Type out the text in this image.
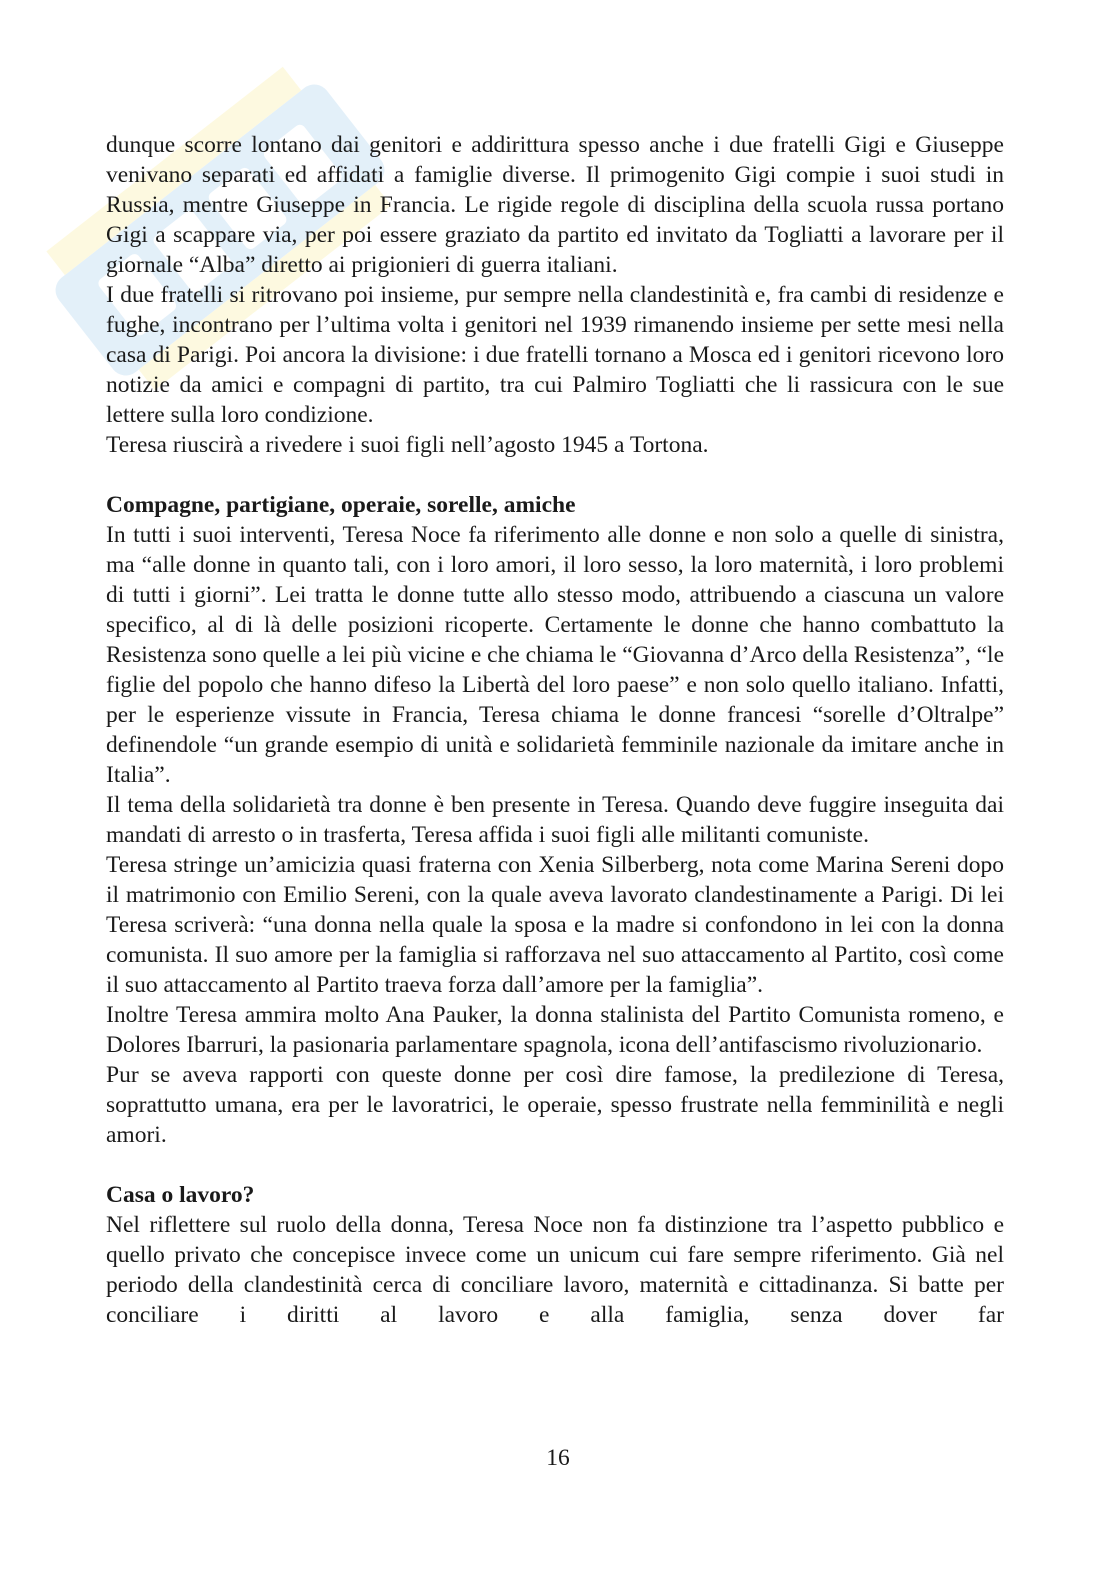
dunque scorre lontano dai genitori e addirittura spesso anche i due fratelli Gigi e Giuseppe venivano separati ed affidati a famiglie diverse. Il primogenito Gigi compie i suoi studi in Russia, mentre Giuseppe in Francia. Le rigide regole di disciplina della scuola russa portano Gigi a scappare via, per poi essere graziato da partito ed invitato da Togliatti a lavorare per il giornale “Alba” diretto ai prigionieri di guerra italiani.

I due fratelli si ritrovano poi insieme, pur sempre nella clandestinità e, fra cambi di residenze e fughe, incontrano per l’ultima volta i genitori nel 1939 rimanendo insieme per sette mesi nella casa di Parigi. Poi ancora la divisione: i due fratelli tornano a Mosca ed i genitori ricevono loro notizie da amici e compagni di partito, tra cui Palmiro Togliatti che li rassicura con le sue lettere sulla loro condizione.

Teresa riuscirà a rivedere i suoi figli nell’agosto 1945 a Tortona.

Compagne, partigiane, operaie, sorelle, amiche

In tutti i suoi interventi, Teresa Noce fa riferimento alle donne e non solo a quelle di sinistra, ma “alle donne in quanto tali, con i loro amori, il loro sesso, la loro maternità, i loro problemi di tutti i giorni”. Lei tratta le donne tutte allo stesso modo, attribuendo a ciascuna un valore specifico, al di là delle posizioni ricoperte. Certamente le donne che hanno combattuto la Resistenza sono quelle a lei più vicine e che chiama le “Giovanna d’Arco della Resistenza”, “le figlie del popolo che hanno difeso la Libertà del loro paese” e non solo quello italiano. Infatti, per le esperienze vissute in Francia, Teresa chiama le donne francesi “sorelle d’Oltralpe” definendole “un grande esempio di unità e solidarietà femminile nazionale da imitare anche in Italia”.

Il tema della solidarietà tra donne è ben presente in Teresa. Quando deve fuggire inseguita dai mandati di arresto o in trasferta, Teresa affida i suoi figli alle militanti comuniste.

Teresa stringe un’amicizia quasi fraterna con Xenia Silberberg, nota come Marina Sereni dopo il matrimonio con Emilio Sereni, con la quale aveva lavorato clandestinamente a Parigi. Di lei Teresa scriverà: “una donna nella quale la sposa e la madre si confondono in lei con la donna comunista. Il suo amore per la famiglia si rafforzava nel suo attaccamento al Partito, così come il suo attaccamento al Partito traeva forza dall’amore per la famiglia”.

Inoltre Teresa ammira molto Ana Pauker, la donna stalinista del Partito Comunista romeno, e Dolores Ibarruri, la pasionaria parlamentare spagnola, icona dell’antifascismo rivoluzionario.

Pur se aveva rapporti con queste donne per così dire famose, la predilezione di Teresa, soprattutto umana, era per le lavoratrici, le operaie, spesso frustrate nella femminilità e negli amori.

Casa o lavoro?

Nel riflettere sul ruolo della donna, Teresa Noce non fa distinzione tra l’aspetto pubblico e quello privato che concepisce invece come un unicum cui fare sempre riferimento. Già nel periodo della clandestinità cerca di conciliare lavoro, maternità e cittadinanza. Si batte per conciliare i diritti al lavoro e alla famiglia, senza dover far

16
